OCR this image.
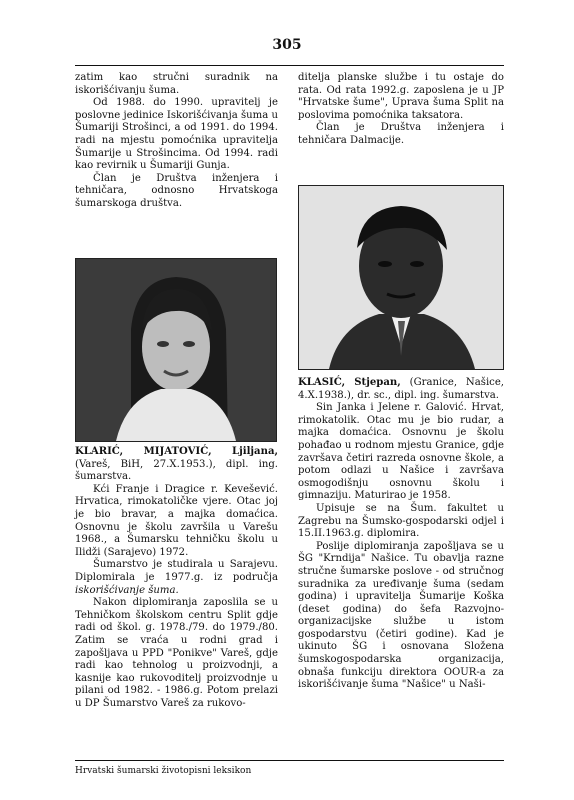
305

zatim kao stručni suradnik na iskorišćivanju šuma.

Od 1988. do 1990. upravitelj je poslovne jedinice Iskorišćivanja šuma u Šumariji Strošinci, a od 1991. do 1994. radi na mjestu pomoćnika upravitelja Šumarije u Strošincima. Od 1994. radi kao revirnik u Šumariji Gunja.

Član je Društva inženjera i tehničara, odnosno Hrvatskoga šumarskoga društva.

KLARIĆ, MIJATOVIĆ, Ljiljana, (Vareš, BiH, 27.X.1953.), dipl. ing. šumarstva.

Kći Franje i Dragice r. Kevešević. Hrvatica, rimokatoličke vjere. Otac joj je bio bravar, a majka domaćica. Osnovnu je školu završila u Varešu 1968., a Šumarsku tehničku školu u Ilidži (Sarajevo) 1972.

Šumarstvo je studirala u Sarajevu. Diplomirala je 1977.g. iz područja iskorišćivanje šuma.

Nakon diplomiranja zaposlila se u Tehničkom školskom centru Split gdje radi od škol. g. 1978./79. do 1979./80. Zatim se vraća u rodni grad i zapošljava u PPD "Ponikve" Vareš, gdje radi kao tehnolog u proizvodnji, a kasnije kao rukovoditelj proizvodnje u pilani od 1982. - 1986.g. Potom prelazi u DP Šumarstvo Vareš za rukovo-

ditelja planske službe i tu ostaje do rata. Od rata 1992.g. zaposlena je u JP "Hrvatske šume", Uprava šuma Split na poslovima pomoćnika taksatora.

Član je Društva inženjera i tehničara Dalmacije.

KLASIĆ, Stjepan, (Granice, Našice, 4.X.1938.), dr. sc., dipl. ing. šumarstva.

Sin Janka i Jelene r. Galović. Hrvat, rimokatolik. Otac mu je bio rudar, a majka domaćica. Osnovnu je školu pohađao u rodnom mjestu Granice, gdje završava četiri razreda osnovne škole, a potom odlazi u Našice i završava osmogodišnju osnovnu školu i gimnaziju. Maturirao je 1958.

Upisuje se na Šum. fakultet u Zagrebu na Šumsko-gospodarski odjel i 15.II.1963.g. diplomira.

Poslije diplomiranja zapošljava se u ŠG "Krndija" Našice. Tu obavlja razne stručne šumarske poslove - od stručnog suradnika za uređivanje šuma (sedam godina) i upravitelja Šumarije Koška (deset godina) do šefa Razvojno-organizacijske službe u istom gospodarstvu (četiri godine). Kad je ukinuto ŠG i osnovana Složena šumskogospodarska organizacija, obnaša funkciju direktora OOUR-a za iskorišćivanje šuma "Našice" u Naši-

Hrvatski šumarski životopisni leksikon
